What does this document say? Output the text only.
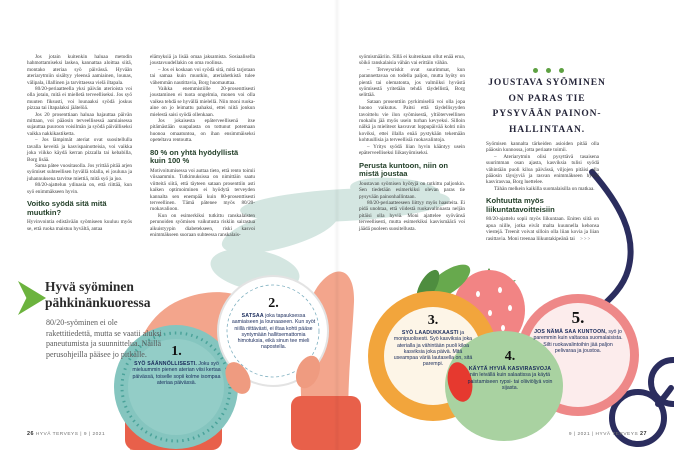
Jos jotain kuitenkin haluaa metodin hahmottamiseksi laskea, kannattaa aloittaa siitä, montako ateriaa syö päivässä. Hyvään ateriarytmiin sisältyy yleensä aamiainen, lounas, välipala, illallinen ja tarvittaessa vielä iltapala.

80/20-periaatteella yksi päivän aterioista voi olla jotain, mitä ei mielletä terveelliseksi. Jos syö muuten fiksusti, voi lounaaksi syödä joskus pizzaa tai iltapalaksi jäätelöä.

Jos 20 prosenttiaan haluaa hajauttaa päivän mittaan, voi pääosin terveellisessä aamiaisessa sujauttaa puuroon voisilmän ja syödä päivälliseksi vaikka nakkikastiketta.

– Jos lämpimät ateriat ovat suositellulla tavalla keveitä ja kasvispainotteisia, voi vaikka joka viikko käydä kerran pizzalla tai kebabilla, Borg lisää.

Sama pätee vuositasolla. Jos yrittää pitää arjen syömiset suhteellisen hyvällä tolalla, ei jouluna ja juhannuksena tarvitse miettiä, mitä syö ja juo.

80/20-ajattelun ydinasia on, että riittää, kun syö enimmäkseen hyvin.

Voitko syödä sitä mitä muutkin?

Hyvinvointia edistävään syömiseen kuuluu myös se, että ruoka maistuu hyvältä, antaa

elämyksiä ja lisää omaa jaksamista. Sosiaalisella joustavuudellakin on oma roolinsa.

– Jos ei koskaan voi syödä sitä, mitä tarjotaan tai samaa kuin muutkin, ateriahetkistä tulee vähemmän nautittavia, Borg huomauttaa.

Vaikka enemmistölle 20-prosenttisesti joustaminen ei tuota ongelmia, monen voi olla vaikea tehdä se hyvällä mielellä. Niin moni ruoka-aine on jo leimattu pahaksi, ettei niitä jonkun mielestä saisi syödä ollenkaan.

Jos jokaisesta epäterveellisenä itse pitämästään suupalasta on tottunut potemaan huonoa omaatuntoa, on ihan ensimmäiseksi opeteltava rentoutta.

80 % on yhtä hyödyllistä kuin 100 %

Motivoitumisessa voi auttaa tieto, että rento toimii viisaammin. Tutkimuksissa on nimittäin saatu viitteitä siitä, että täyteen sataan prosenttiin asti kaiken optimoiminen ei hyödytä terveyden kannalta sen enempää kuin 80-prosenttisesti terveellinen. Tämä pätenee myös 80/20-ruokavalioon.

Kun on esimerkiksi tutkittu ranskalaisten perunoiden syömisen vaikutusta riskiin sairastua aikuistyypin diabetekseen, riski kasvoi enimmäkseen suoraan suhteessa ranskalais-

syömismääriin. Sillä ei kuitenkaan ollut enää eroa, söikö ranskalaisia vähän vai erittäin vähän.

– Terveysriskit ovat suurimmat, kun parannettavaa on todella paljon, mutta hyöty on pientä tai olematonta, jos valmiiksi hyvästä syömisestä yritetään tehdä täydellistä, Borg selittää.

Sataan prosenttiin pyrkimisellä voi olla jopa huono vaikutus. Paitsi että täydellisyyden tavoittelu vie ilon syömisestä, yltiöterveellinen ruokailu jää myös usein turhan kevyeksi. Silloin nälkä ja mieliteot kasvavat loppupäivää kohti niin koviksi, ettei illalla enää pystykään tekemään kohtuullisia ja terveellisiä ruokavalintoja.

– Yritys syödä liian hyvin kääntyy usein epäterveelliseksi liikasyömiseksi.

Perusta kuntoon, niin on mistä joustaa

Joustavan syömisen hyötyjä on tutkittu paljonkin. Sen tiedetään esimerkiksi olevan paras tie pysyvään painonhallintaan.

80/20-periaatteeseen liittyy myös haasteita. Ei pidä unohtaa, että viidestä ruokavalinnasta neljän pitäisi olla hyviä. Moni ajattelee syövänsä terveellisesti, mutta esimerkiksi kasvismäärä voi jäädä puoleen suositellusta.

JOUSTAVA SYÖMINEN ON PARAS TIE PYSYVÄÄN PAINON-HALLINTAAN.

Syömisen kannalta tärkeiden asioiden pitää olla pääosin kunnossa, jotta periaate toimii.

– Ateriarytmin olisi pysyttävä tasaisena suurimman osan ajasta, kasviksia tulisi syödä vähintään puoli kiloa päivässä, viljojen pitäisi olla pääosin täysjyviä ja rasvan enimmäkseen hyvää kasvirasvaa, Borg luettelee.

Tähän melkein kaikilla suomalaisilla on matkaa.

Kohtuutta myös liikuntatavoitteisiin

80/20-ajattelu sopii myös liikuntaan. Eniten siitä on apua niille, jotka eivät malta kuunnella kehonsa viestejä. Treenit voivat silloin olla liian kovia ja liian rasittavia. Moni treenaa liikuntakipeänä tai >>>

Hyvä syöminen pähkinänkuoressa
80/20-syöminen ei ole rakettitiedettä, mutta se vaatii aluksi paneutumista ja suunnittelua. Näillä perusohjeilla pääsee jo pitkälle.	1.

SYÖ SÄÄNNÖLLISESTI. Joku syö mieluummin pienen aterian viisi kertaa päivässä, toiselle sopii kolme isompaa ateriaa päivässä.

2.

SATSAA joka tapauksessa aamiaiseen ja lounaaseen. Kun syöt niillä riittävästi, ei iltaa kohti pääse syntymään hallitsemattomia himotuksia, eikä sinun tee mieli napostella.

3.

SYÖ LAADUKKAASTI ja monipuolisesti. Syö kasviksia joka aterialla ja vähintään puoli kiloa kasviksia joka päivä. Mitä useampaa väriä lautasella on, sitä parempi.

4.

KÄYTÄ HYVIÄ KASVIRASVOJA niin leivällä kuin salaatissa ja käytä paistamiseen rypsi- tai oliiviöljyä voin sijasta.

5.

JOS NÄMÄ SAA KUNTOON, syö jo paremmin kuin valtaosa suomalaisista. Silti ruokavalintoihin jää paljon pelivaraa ja joustoa.

26 HYVÄ TERVEYS | 9 | 2021	9 | 2021 | HYVÄ TERVEYS 27
